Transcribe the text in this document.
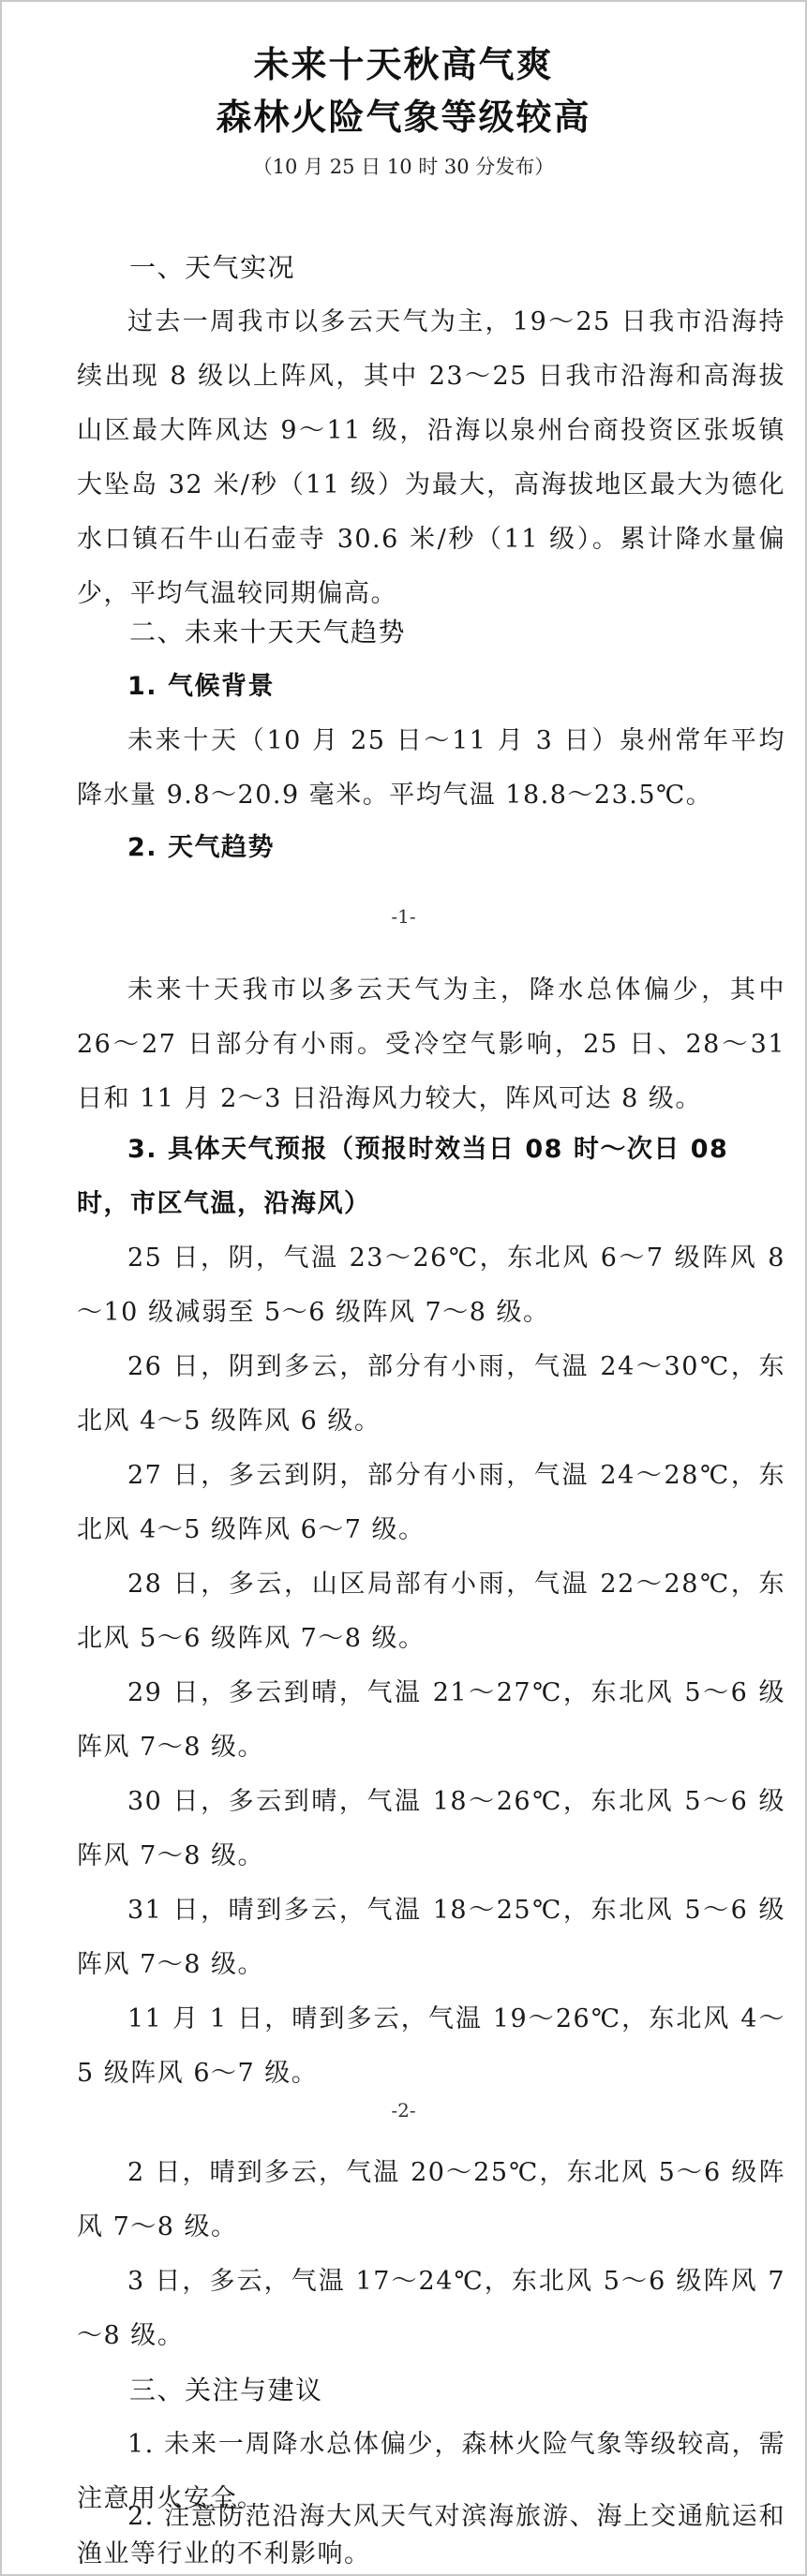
未来十天秋高气爽
森林火险气象等级较高
（10 月 25 日 10 时 30 分发布）
一、天气实况
过去一周我市以多云天气为主，19～25 日我市沿海持续出现 8 级以上阵风，其中 23～25 日我市沿海和高海拔山区最大阵风达 9～11 级，沿海以泉州台商投资区张坂镇大坠岛 32 米/秒（11 级）为最大，高海拔地区最大为德化水口镇石牛山石壶寺 30.6 米/秒（11 级）。累计降水量偏少，平均气温较同期偏高。
二、未来十天天气趋势
1. 气候背景
未来十天（10 月 25 日～11 月 3 日）泉州常年平均降水量 9.8～20.9 毫米。平均气温 18.8～23.5℃。
2. 天气趋势
-1-
未来十天我市以多云天气为主，降水总体偏少，其中 26～27 日部分有小雨。受冷空气影响，25 日、28～31 日和 11 月 2～3 日沿海风力较大，阵风可达 8 级。
3. 具体天气预报（预报时效当日 08 时～次日 08 时，市区气温，沿海风）
25 日，阴，气温 23～26℃，东北风 6～7 级阵风 8～10 级减弱至 5～6 级阵风 7～8 级。
26 日，阴到多云，部分有小雨，气温 24～30℃，东北风 4～5 级阵风 6 级。
27 日，多云到阴，部分有小雨，气温 24～28℃，东北风 4～5 级阵风 6～7 级。
28 日，多云，山区局部有小雨，气温 22～28℃，东北风 5～6 级阵风 7～8 级。
29 日，多云到晴，气温 21～27℃，东北风 5～6 级阵风 7～8 级。
30 日，多云到晴，气温 18～26℃，东北风 5～6 级阵风 7～8 级。
31 日，晴到多云，气温 18～25℃，东北风 5～6 级阵风 7～8 级。
11 月 1 日，晴到多云，气温 19～26℃，东北风 4～5 级阵风 6～7 级。
-2-
2 日，晴到多云，气温 20～25℃，东北风 5～6 级阵风 7～8 级。
3 日，多云，气温 17～24℃，东北风 5～6 级阵风 7～8 级。
三、关注与建议
1. 未来一周降水总体偏少，森林火险气象等级较高，需注意用火安全。
2. 注意防范沿海大风天气对滨海旅游、海上交通航运和渔业等行业的不利影响。
